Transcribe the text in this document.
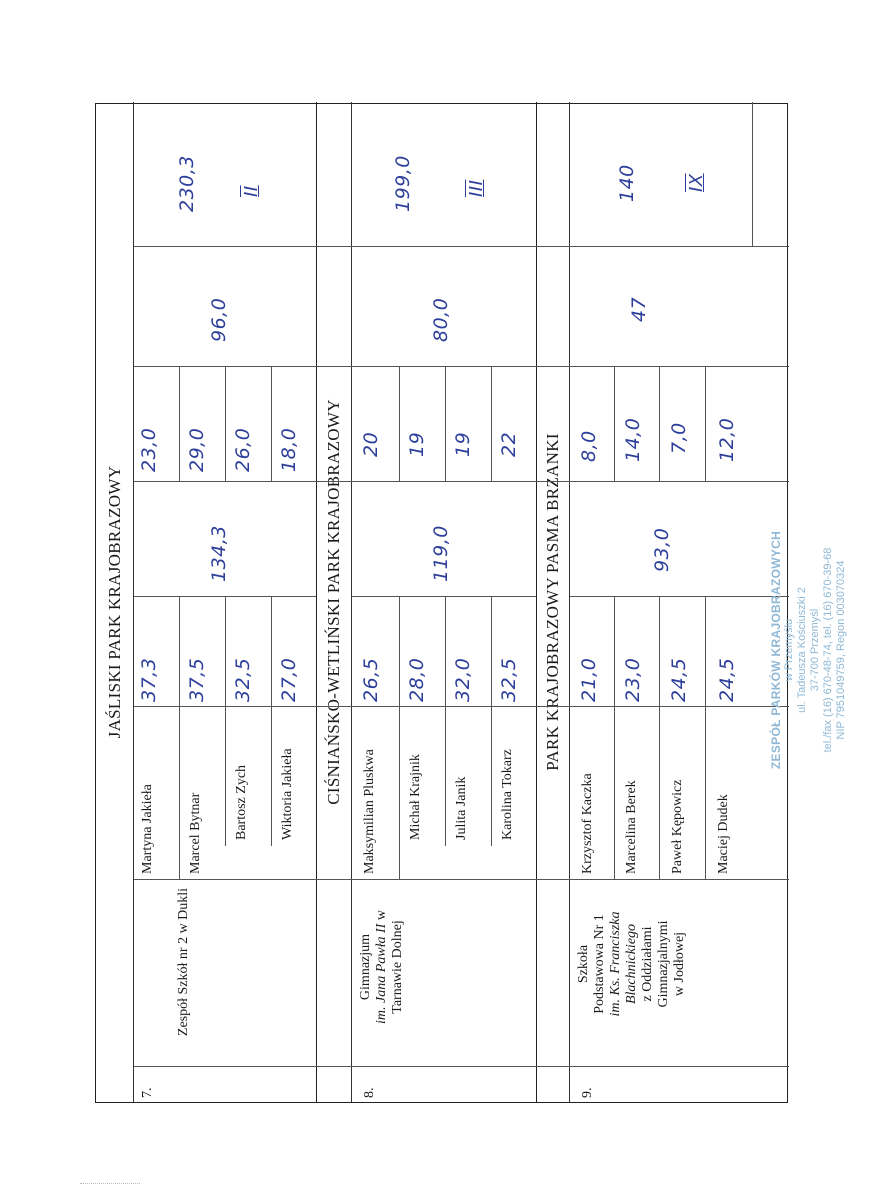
JAŚLISKI PARK KRAJOBRAZOWY
7.
Zespół Szkół nr 2 w Dukli
Martyna Jakieła Marcel Bytnar Bartosz Zych Wiktoria Jakieła
37,3 37,5 32,5 27,0
134,3
23,0 29,0 26,0 18,0
96,0
230,3 II
CIŚNIAŃSKO-WETLIŃSKI PARK KRAJOBRAZOWY
8.
Gimnazjum
im. Jana Pawła II w
Tarnawie Dolnej
Maksymilian Pluskwa Michał Krajnik Julita Janik Karolina Tokarz
26,5 28,0 32,0 32,5
119,0
20 19 19 22
80,0
199,0	III
PARK KRAJOBRAZOWY PASMA BRZANKI
9.
Szkoła
Podstawowa Nr 1
im. Ks. Franciszka
Blachnickiego
z Oddziałami
Gimnazjalnymi
w Jodłowej
Krzysztof Kaczka Marcelina Berek Paweł Kępowicz Maciej Dudek
21,0 23,0 24,5 24,5
93,0
8,0 14,0 7,0 12,0
47
140	IX
ZESPÓŁ PARKÓW KRAJOBRAZOWYCH w Przemyślu ul. Tadeusza Kościuszki 2 37-700 Przemyśl tel./fax (16) 670-48-74, tel. (16) 670-39-68 NIP 7951049759, Regon 003070324
